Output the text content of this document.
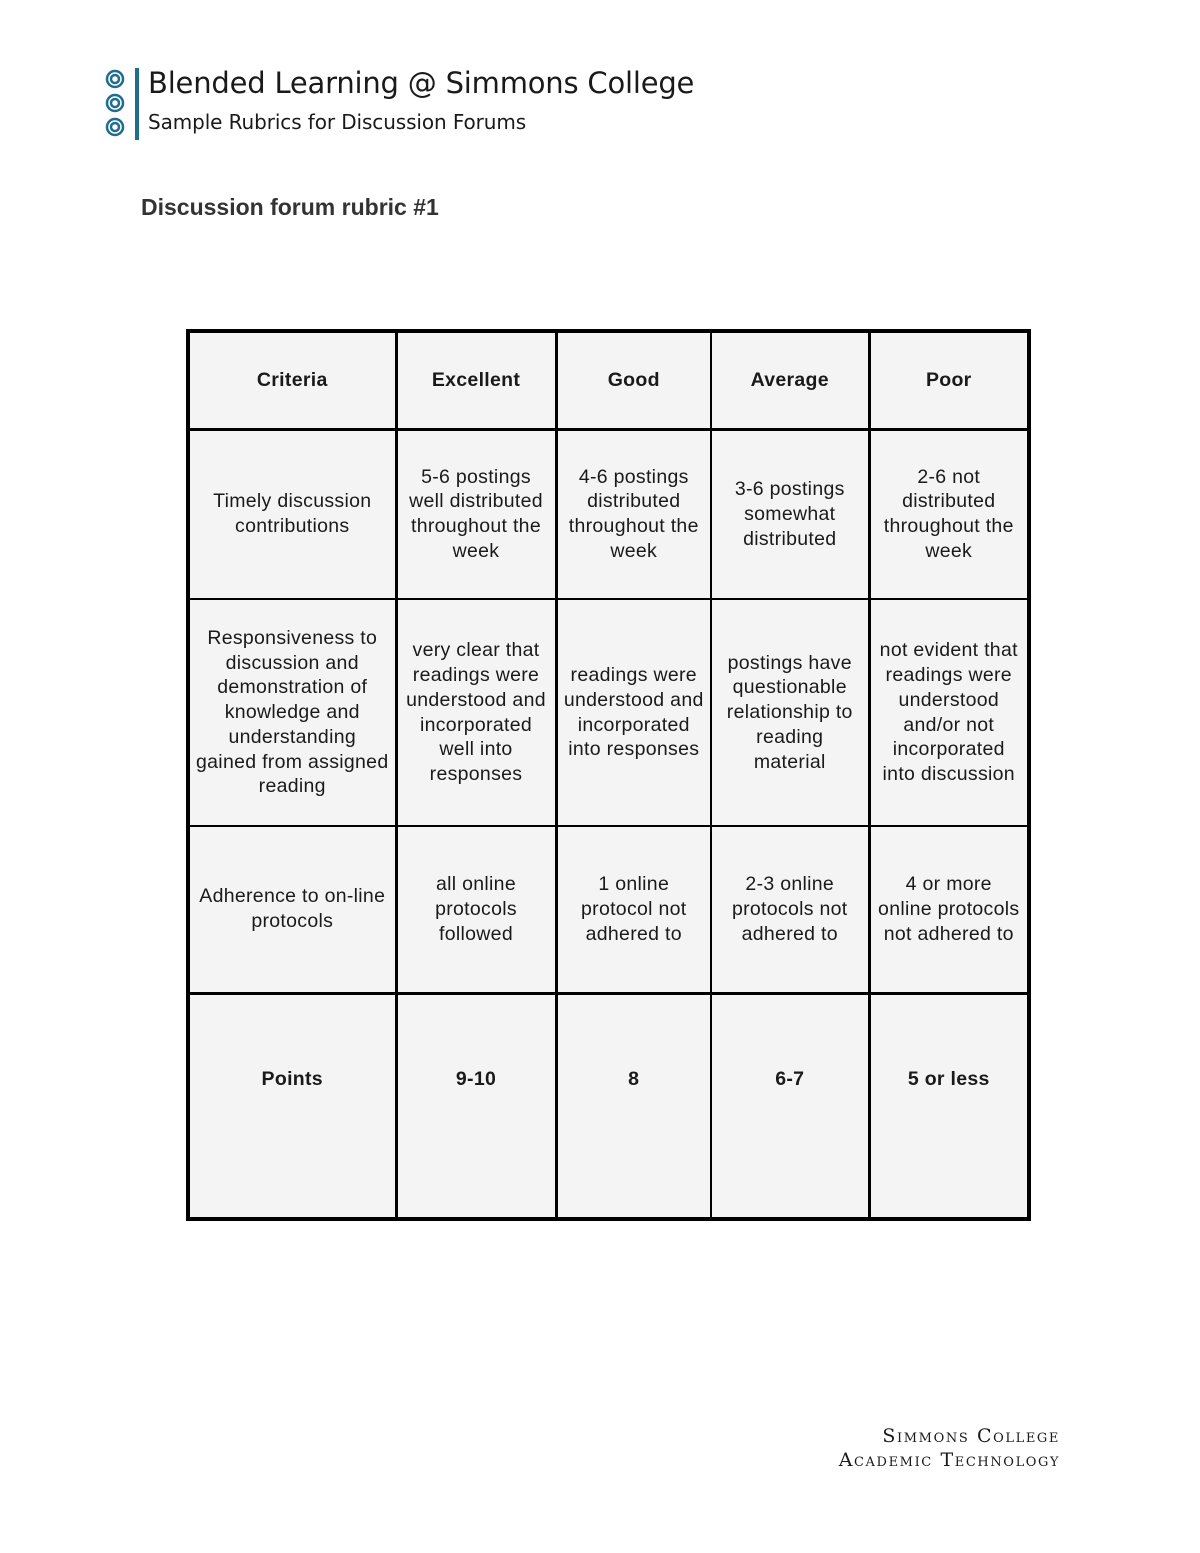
Blended Learning @ Simmons College
Sample Rubrics for Discussion Forums
Discussion forum rubric #1
Criteria	Excellent	Good	Average	Poor
Timely discussion contributions	5-6 postings well distributed throughout the week	4-6 postings distributed throughout the week	3-6 postings somewhat distributed	2-6 not distributed throughout the week
Responsiveness to discussion and demonstration of knowledge and understanding gained from assigned reading	very clear that readings were understood and incorporated well into responses	readings were understood and incorporated into responses	postings have questionable relationship to reading material	not evident that readings were understood and/or not incorporated into discussion
Adherence to on-line protocols	all online protocols followed	1 online protocol not adhered to	2-3 online protocols not adhered to	4 or more online protocols not adhered to
Points	9-10	8	6-7	5 or less
Simmons College
Academic Technology
